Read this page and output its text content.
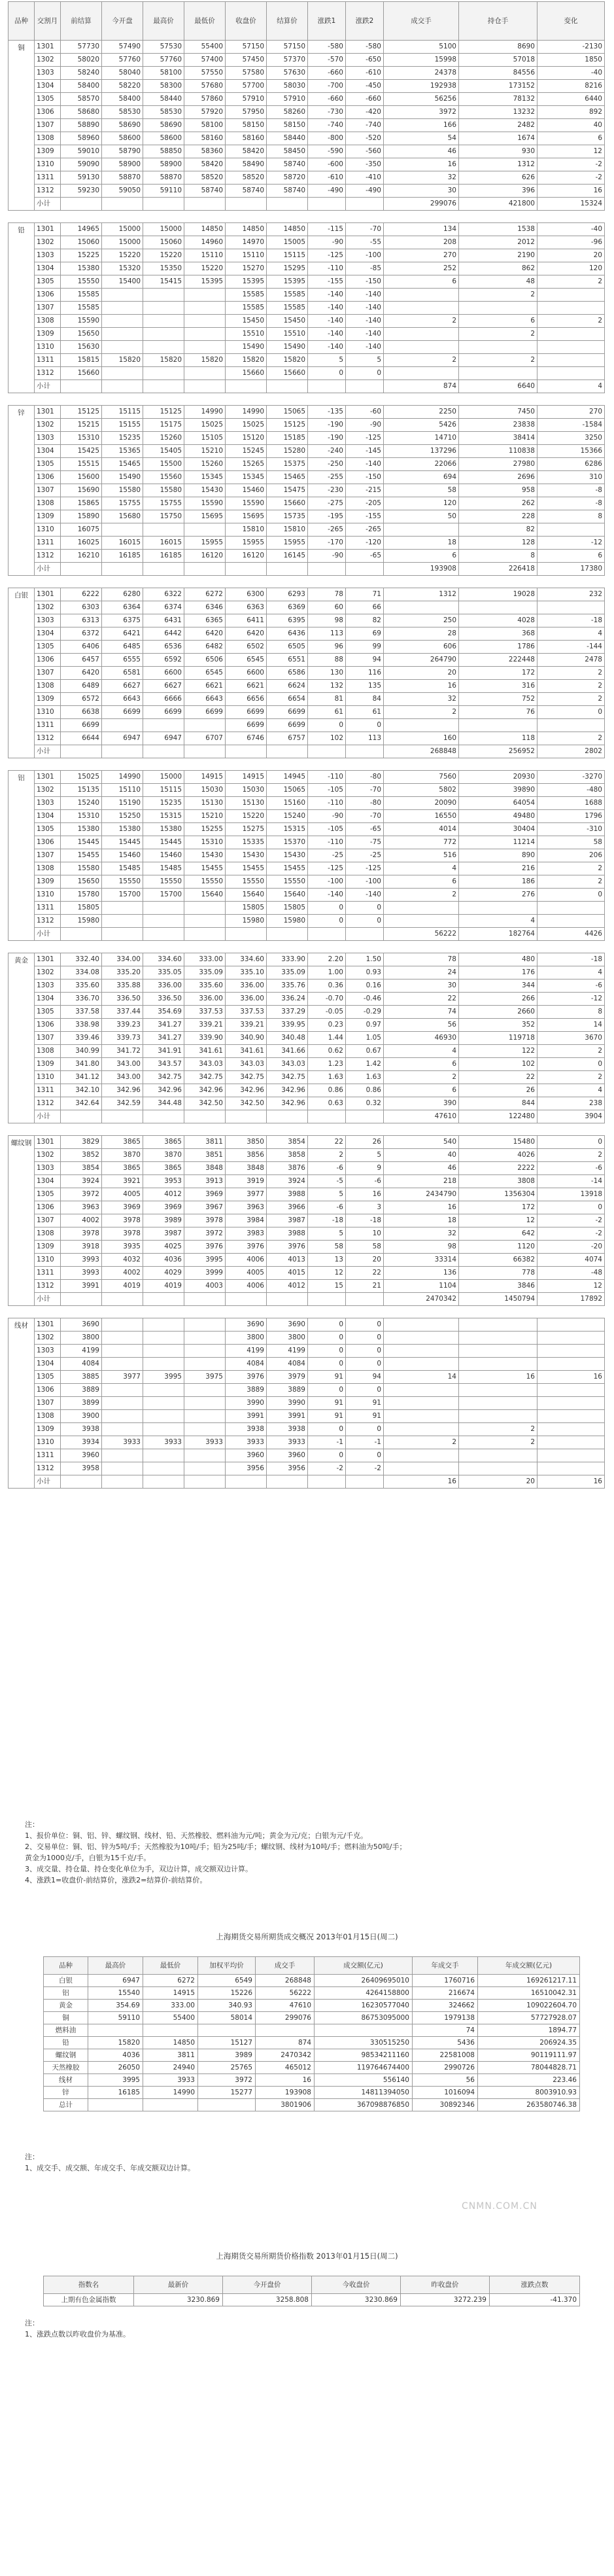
品种	交割月	前结算	今开盘	最高价	最低价	收盘价	结算价	涨跌1	涨跌2	成交手	持仓手	变化
铜	1301	57730	57490	57530	55400	57150	57150	-580	-580	5100	8690	-2130
	1302	58020	57760	57760	57400	57450	57370	-570	-650	15998	57018	1850
	1303	58240	58040	58100	57550	57580	57630	-660	-610	24378	84556	-40
	1304	58400	58220	58300	57680	57700	58030	-700	-450	192938	173152	8216
	1305	58570	58400	58440	57860	57910	57910	-660	-660	56256	78132	6440
	1306	58680	58530	58530	57920	57950	58260	-730	-420	3972	13232	892
	1307	58890	58690	58690	58100	58150	58150	-740	-740	166	2482	40
	1308	58960	58600	58600	58160	58160	58440	-800	-520	54	1674	6
	1309	59010	58790	58850	58360	58420	58450	-590	-560	46	930	12
	1310	59090	58900	58900	58420	58490	58740	-600	-350	16	1312	-2
	1311	59130	58870	58870	58520	58520	58720	-610	-410	32	626	-2
	1312	59230	59050	59110	58740	58740	58740	-490	-490	30	396	16
	小计									299076	421800	15324

铅	1301	14965	15000	15000	14850	14850	14850	-115	-70	134	1538	-40
	1302	15060	15000	15060	14960	14970	15005	-90	-55	208	2012	-96
	1303	15225	15220	15220	15110	15110	15115	-125	-100	270	2190	20
	1304	15380	15320	15350	15220	15270	15295	-110	-85	252	862	120
	1305	15550	15400	15415	15395	15395	15395	-155	-150	6	48	2
	1306	15585				15585	15585	-140	-140		2	
	1307	15585				15585	15585	-140	-140			
	1308	15590				15450	15450	-140	-140	2	6	2
	1309	15650				15510	15510	-140	-140		2	
	1310	15630				15490	15490	-140	-140			
	1311	15815	15820	15820	15820	15820	15820	5	5	2	2	
	1312	15660				15660	15660	0	0			
	小计									874	6640	4

锌	1301	15125	15115	15125	14990	14990	15065	-135	-60	2250	7450	270
	1302	15215	15155	15175	15025	15025	15125	-190	-90	5426	23838	-1584
	1303	15310	15235	15260	15105	15120	15185	-190	-125	14710	38414	3250
	1304	15425	15365	15405	15210	15245	15280	-240	-145	137296	110838	15366
	1305	15515	15465	15500	15260	15265	15375	-250	-140	22066	27980	6286
	1306	15600	15490	15560	15345	15345	15465	-255	-150	694	2696	310
	1307	15690	15580	15580	15430	15460	15475	-230	-215	58	958	-8
	1308	15865	15755	15755	15590	15590	15660	-275	-205	120	262	-8
	1309	15890	15680	15750	15695	15695	15735	-195	-155	50	228	8
	1310	16075				15810	15810	-265	-265		82	
	1311	16025	16015	16015	15955	15955	15955	-170	-120	18	128	-12
	1312	16210	16185	16185	16120	16120	16145	-90	-65	6	8	6
	小计									193908	226418	17380

白银	1301	6222	6280	6322	6272	6300	6293	78	71	1312	19028	232
	1302	6303	6364	6374	6346	6363	6369	60	66			
	1303	6313	6375	6431	6365	6411	6395	98	82	250	4028	-18
	1304	6372	6421	6442	6420	6420	6436	113	69	28	368	4
	1305	6406	6485	6536	6482	6502	6505	96	99	606	1786	-144
	1306	6457	6555	6592	6506	6545	6551	88	94	264790	222448	2478
	1307	6420	6581	6600	6545	6600	6586	130	116	20	172	2
	1308	6489	6627	6627	6621	6621	6624	132	135	16	316	2
	1309	6572	6643	6666	6643	6656	6654	81	84	32	752	2
	1310	6638	6699	6699	6699	6699	6699	61	61	2	76	0
	1311	6699				6699	6699	0	0			
	1312	6644	6947	6947	6707	6746	6757	102	113	160	118	2
	小计									268848	256952	2802

铝	1301	15025	14990	15000	14915	14915	14945	-110	-80	7560	20930	-3270
	1302	15135	15110	15115	15030	15030	15065	-105	-70	5802	39890	-480
	1303	15240	15190	15235	15130	15130	15160	-110	-80	20090	64054	1688
	1304	15310	15250	15315	15210	15220	15240	-90	-70	16550	49480	1796
	1305	15380	15380	15380	15255	15275	15315	-105	-65	4014	30404	-310
	1306	15445	15445	15445	15310	15335	15370	-110	-75	772	11214	58
	1307	15455	15460	15460	15430	15430	15430	-25	-25	516	890	206
	1308	15580	15485	15485	15455	15455	15455	-125	-125	4	216	2
	1309	15650	15550	15550	15550	15550	15550	-100	-100	6	186	2
	1310	15780	15700	15700	15640	15640	15640	-140	-140	2	276	0
	1311	15805				15805	15805	0	0			
	1312	15980				15980	15980	0	0		4	
	小计									56222	182764	4426

黄金	1301	332.40	334.00	334.60	333.00	334.60	333.90	2.20	1.50	78	480	-18
	1302	334.08	335.20	335.05	335.09	335.10	335.09	1.00	0.93	24	176	4
	1303	335.60	335.88	336.00	335.60	336.00	335.76	0.36	0.16	30	344	-6
	1304	336.70	336.50	336.50	336.00	336.00	336.24	-0.70	-0.46	22	266	-12
	1305	337.58	337.44	354.69	337.53	337.53	337.29	-0.05	-0.29	74	2660	8
	1306	338.98	339.23	341.27	339.21	339.21	339.95	0.23	0.97	56	352	14
	1307	339.46	339.73	341.27	339.90	340.90	340.48	1.44	1.05	46930	119718	3670
	1308	340.99	341.72	341.91	341.61	341.61	341.66	0.62	0.67	4	122	2
	1309	341.80	343.00	343.57	343.03	343.03	343.03	1.23	1.42	6	102	0
	1310	341.12	343.00	342.75	342.75	342.75	342.75	1.63	1.63	2	22	2
	1311	342.10	342.96	342.96	342.96	342.96	342.96	0.86	0.86	6	26	4
	1312	342.64	342.59	344.48	342.50	342.50	342.96	0.63	0.32	390	844	238
	小计									47610	122480	3904

螺纹钢	1301	3829	3865	3865	3811	3850	3854	22	26	540	15480	0
	1302	3852	3870	3870	3851	3856	3858	2	5	40	4026	2
	1303	3854	3865	3865	3848	3848	3876	-6	9	46	2222	-6
	1304	3924	3921	3953	3913	3919	3924	-5	-6	218	3808	-14
	1305	3972	4005	4012	3969	3977	3988	5	16	2434790	1356304	13918
	1306	3963	3969	3969	3967	3963	3966	-6	3	16	172	0
	1307	4002	3978	3989	3978	3984	3987	-18	-18	18	12	-2
	1308	3978	3978	3987	3972	3983	3988	5	10	32	642	-2
	1309	3918	3935	4025	3976	3976	3976	58	58	98	1120	-20
	1310	3993	4032	4036	3995	4006	4013	13	20	33314	66382	4074
	1311	3993	4002	4029	3999	4005	4015	12	22	136	778	-48
	1312	3991	4019	4019	4003	4006	4012	15	21	1104	3846	12
	小计									2470342	1450794	17892

线材	1301	3690				3690	3690	0	0			
	1302	3800				3800	3800	0	0			
	1303	4199				4199	4199	0	0			
	1304	4084				4084	4084	0	0			
	1305	3885	3977	3995	3975	3976	3979	91	94	14	16	16
	1306	3889				3889	3889	0	0			
	1307	3899				3990	3990	91	91			
	1308	3900				3991	3991	91	91			
	1309	3938				3938	3938	0	0		2	
	1310	3934	3933	3933	3933	3933	3933	-1	-1	2	2	
	1311	3960				3960	3960	0	0			
	1312	3958				3956	3956	-2	-2			
	小计									16	20	16
注：
1、报价单位：铜、铝、锌、螺纹钢、线材、铅、天然橡胶、燃料油为元/吨；黄金为元/克；白银为元/千克。
2、交易单位：铜、铝、锌为5吨/手；天然橡胶为10吨/手；铅为25吨/手；螺纹钢、线材为10吨/手；燃料油为50吨/手；
黄金为1000克/手，白银为15千克/手。
3、成交量、持仓量、持仓变化单位为手，双边计算，成交额双边计算。
4、涨跌1=收盘价-前结算价，涨跌2=结算价-前结算价。
上海期货交易所期货成交概况 2013年01月15日(周二)
品种	最高价	最低价	加权平均价	成交手	成交额(亿元)	年成交手	年成交额(亿元)
白银	6947	6272	6549	268848	26409695010	1760716	169261217.11
铝	15540	14915	15226	56222	4264158800	216674	16510042.31
黄金	354.69	333.00	340.93	47610	16230577040	324662	109022604.70
铜	59110	55400	58014	299076	86753095000	1979138	57727928.07
燃料油						74	1894.77
铅	15820	14850	15127	874	330515250	5436	206924.35
螺纹钢	4036	3811	3989	2470342	98534211160	22581008	90119111.97
天然橡胶	26050	24940	25765	465012	119764674400	2990726	78044828.71
线材	3995	3933	3972	16	556140	56	223.46
锌	16185	14990	15277	193908	14811394050	1016094	8003910.93
总计				3801906	367098876850	30892346	263580746.38
注：
1、成交手、成交额、年成交手、年成交额双边计算。
CNMN.COM.CN
上海期货交易所期货价格指数 2013年01月15日(周二)
指数名	最新价	今开盘价	今收盘价	昨收盘价	涨跌点数
上期有色金属指数	3230.869	3258.808	3230.869	3272.239	-41.370
注：
1、涨跌点数以昨收盘价为基准。
